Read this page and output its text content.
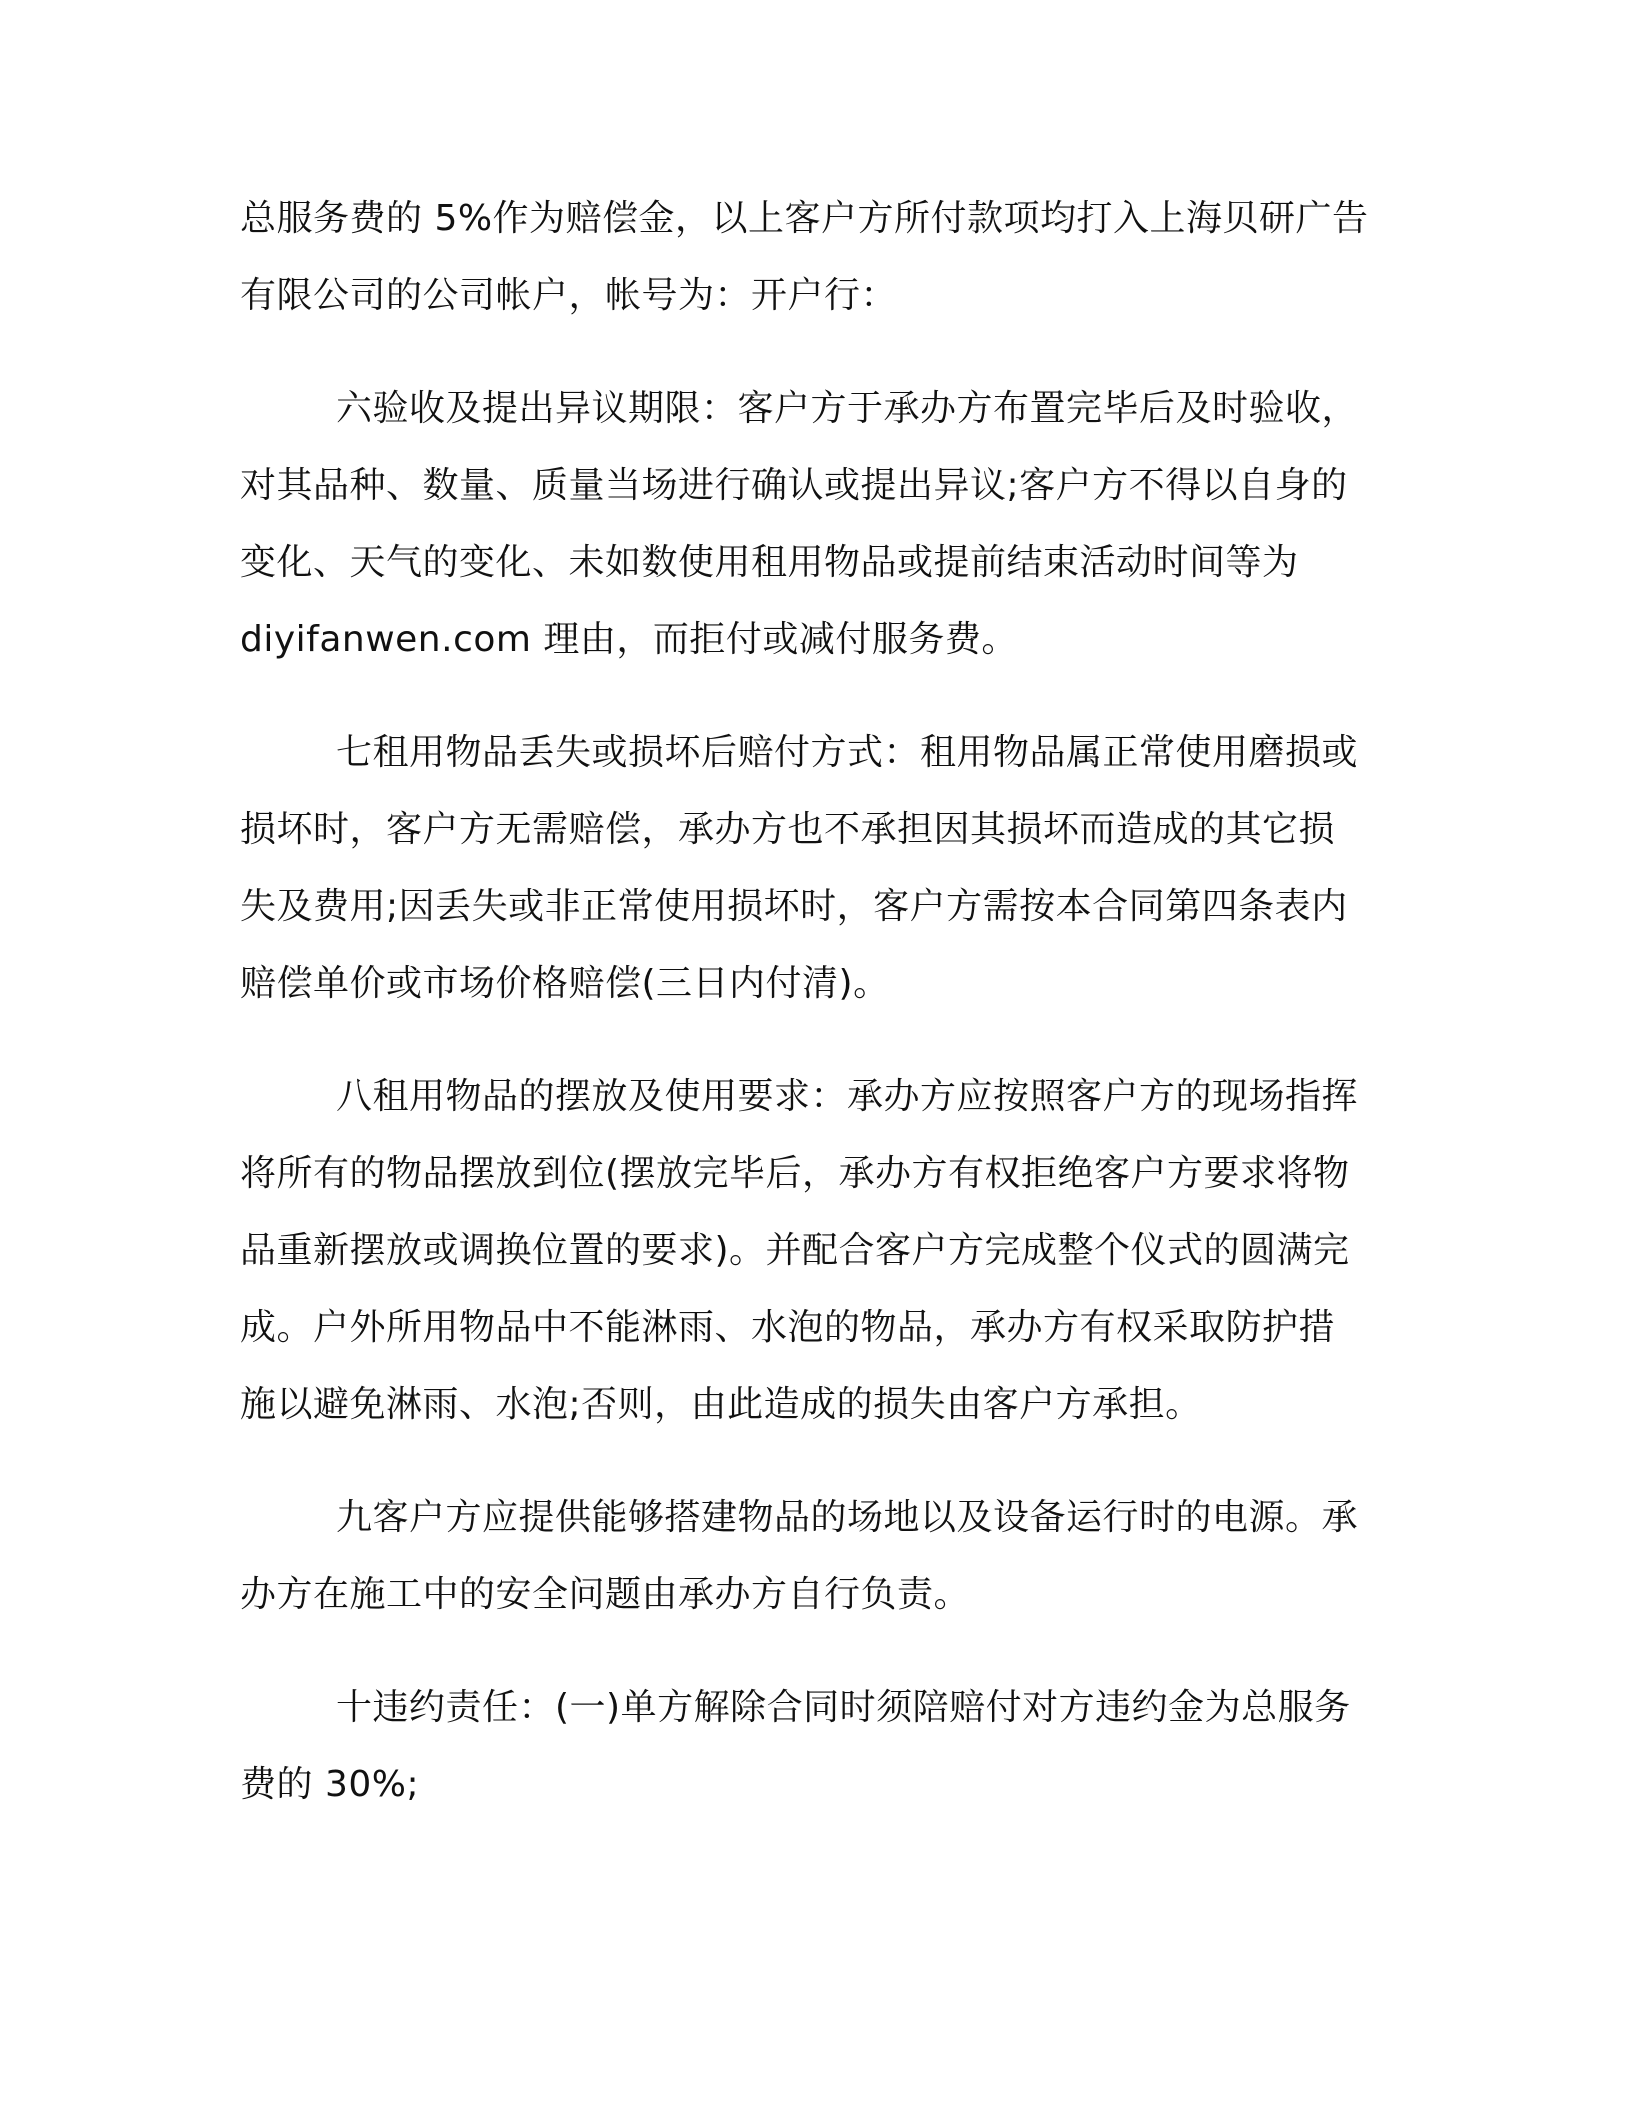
总服务费的 5%作为赔偿金，以上客户方所付款项均打入上海贝研广告
有限公司的公司帐户，帐号为：开户行：

六验收及提出异议期限：客户方于承办方布置完毕后及时验收，
对其品种、数量、质量当场进行确认或提出异议;客户方不得以自身的
变化、天气的变化、未如数使用租用物品或提前结束活动时间等为
diyifanwen.com 理由，而拒付或减付服务费。

七租用物品丢失或损坏后赔付方式：租用物品属正常使用磨损或
损坏时，客户方无需赔偿，承办方也不承担因其损坏而造成的其它损
失及费用;因丢失或非正常使用损坏时，客户方需按本合同第四条表内
赔偿单价或市场价格赔偿(三日内付清)。

八租用物品的摆放及使用要求：承办方应按照客户方的现场指挥
将所有的物品摆放到位(摆放完毕后，承办方有权拒绝客户方要求将物
品重新摆放或调换位置的要求)。并配合客户方完成整个仪式的圆满完
成。户外所用物品中不能淋雨、水泡的物品，承办方有权采取防护措
施以避免淋雨、水泡;否则，由此造成的损失由客户方承担。

九客户方应提供能够搭建物品的场地以及设备运行时的电源。承
办方在施工中的安全问题由承办方自行负责。

十违约责任：(一)单方解除合同时须陪赔付对方违约金为总服务
费的 30%;
